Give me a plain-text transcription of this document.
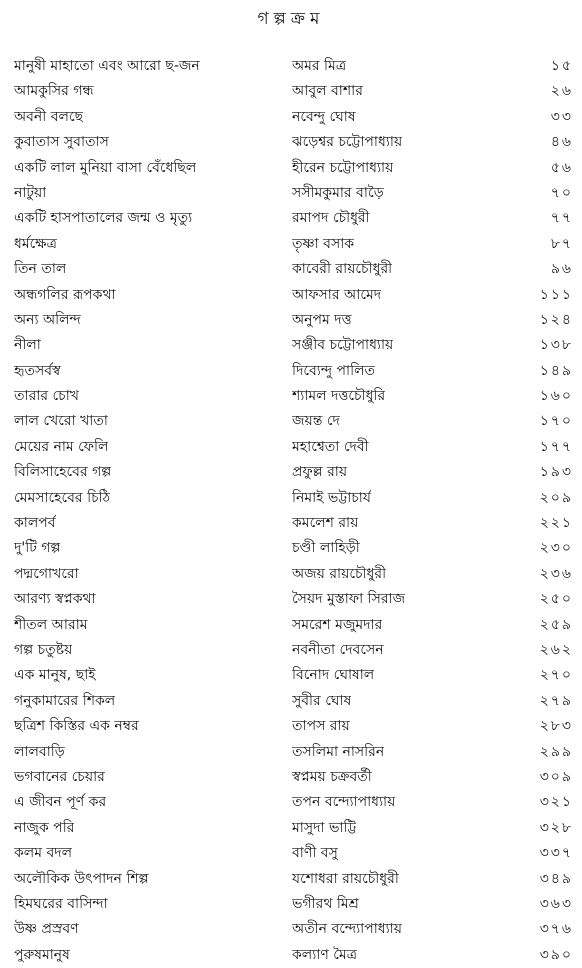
গল্পক্রম
মানুষী মাহাতো এবং আরো ছ-জন	অমর মিত্র	১৫
আমকুসির গন্ধ	আবুল বাশার	২৬
অবনী বলছে	নবেন্দু ঘোষ	৩৩
কুবাতাস সুবাতাস	ঝড়েশ্বর চট্টোপাধ্যায়	৪৬
একটি লাল মুনিয়া বাসা বেঁধেছিল	হীরেন চট্টোপাধ্যায়	৫৬
নাটুয়া	সসীমকুমার বাড়ৈ	৭০
একটি হাসপাতালের জন্ম ও মৃত্যু	রমাপদ চৌধুরী	৭৭
ধর্মক্ষেত্র	তৃষ্ণা বসাক	৮৭
তিন তাল	কাবেরী রায়চৌধুরী	৯৬
অন্ধগলির রূপকথা	আফসার আমেদ	১১১
অন্য অলিন্দ	অনুপম দত্ত	১২৪
নীলা	সঞ্জীব চট্টোপাধ্যায়	১৩৮
হৃতসর্বস্ব	দিব্যেন্দু পালিত	১৪৯
তারার চোখ	শ্যামল দত্তচৌধুরি	১৬০
লাল খেরো খাতা	জয়ন্ত দে	১৭০
মেয়ের নাম ফেলি	মহাশ্বেতা দেবী	১৭৭
বিলিসাহেবের গল্প	প্রফুল্ল রায়	১৯৩
মেমসাহেবের চিঠি	নিমাই ভট্টাচার্য	২০৯
কালপর্ব	কমলেশ রায়	২২১
দু'টি গল্প	চণ্ডী লাহিড়ী	২৩০
পদ্মগোখরো	অজয় রায়চৌধুরী	২৩৬
আরণ্য স্বপ্নকথা	সৈয়দ মুস্তাফা সিরাজ	২৫০
শীতল আরাম	সমরেশ মজুমদার	২৫৯
গল্প চতুষ্টয়	নবনীতা দেবসেন	২৬২
এক মানুষ, ছাই	বিনোদ ঘোষাল	২৭০
গনুকামারের শিকল	সুবীর ঘোষ	২৭৯
ছত্রিশ কিস্তির এক নম্বর	তাপস রায়	২৮৩
লালবাড়ি	তসলিমা নাসরিন	২৯৯
ভগবানের চেয়ার	স্বপ্নময় চক্রবর্তী	৩০৯
এ জীবন পূর্ণ কর	তপন বন্দ্যোপাধ্যায়	৩২১
নাজুক পরি	মাসুদা ভাট্টি	৩২৮
কলম বদল	বাণী বসু	৩৩৭
অলৌকিক উৎপাদন শিল্প	যশোধরা রায়চৌধুরী	৩৪৯
হিমঘরের বাসিন্দা	ভগীরথ মিশ্র	৩৬৩
উষ্ণ প্রস্রবণ	অতীন বন্দ্যোপাধ্যায়	৩৭৬
পুরুষমানুষ	কল্যাণ মৈত্র	৩৯০
